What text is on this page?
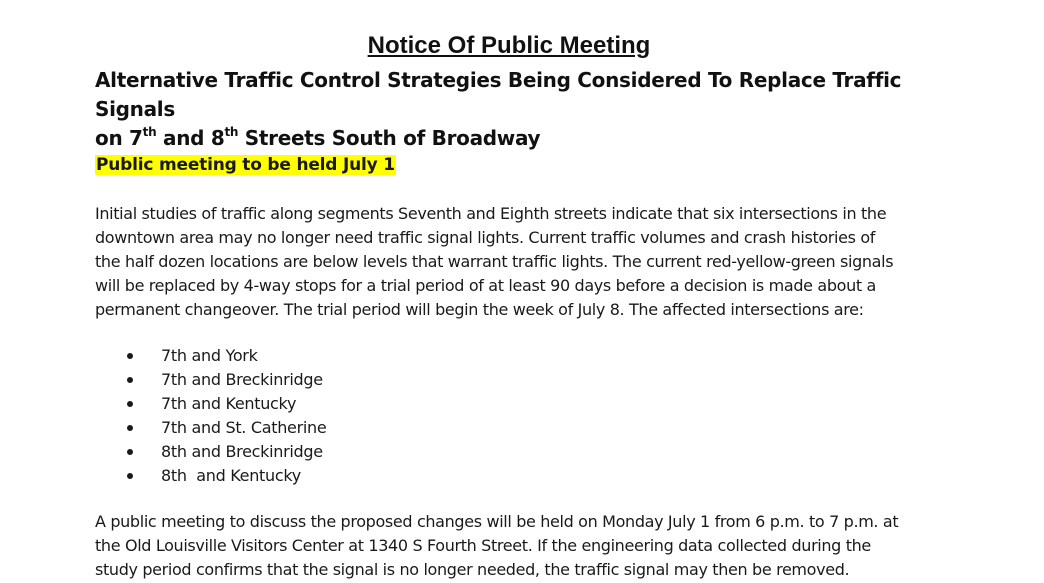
Notice Of Public Meeting
Alternative Traffic Control Strategies Being Considered To Replace Traffic Signals
on 7th and 8th Streets South of Broadway

Public meeting to be held July 1

Initial studies of traffic along segments Seventh and Eighth streets indicate that six intersections in the
downtown area may no longer need traffic signal lights. Current traffic volumes and crash histories of
the half dozen locations are below levels that warrant traffic lights. The current red-yellow-green signals
will be replaced by 4-way stops for a trial period of at least 90 days before a decision is made about a
permanent changeover. The trial period will begin the week of July 8. The affected intersections are:
7th and York
7th and Breckinridge
7th and Kentucky
7th and St. Catherine
8th and Breckinridge
8th  and Kentucky
A public meeting to discuss the proposed changes will be held on Monday July 1 from 6 p.m. to 7 p.m. at
the Old Louisville Visitors Center at 1340 S Fourth Street. If the engineering data collected during the
study period confirms that the signal is no longer needed, the traffic signal may then be removed.
